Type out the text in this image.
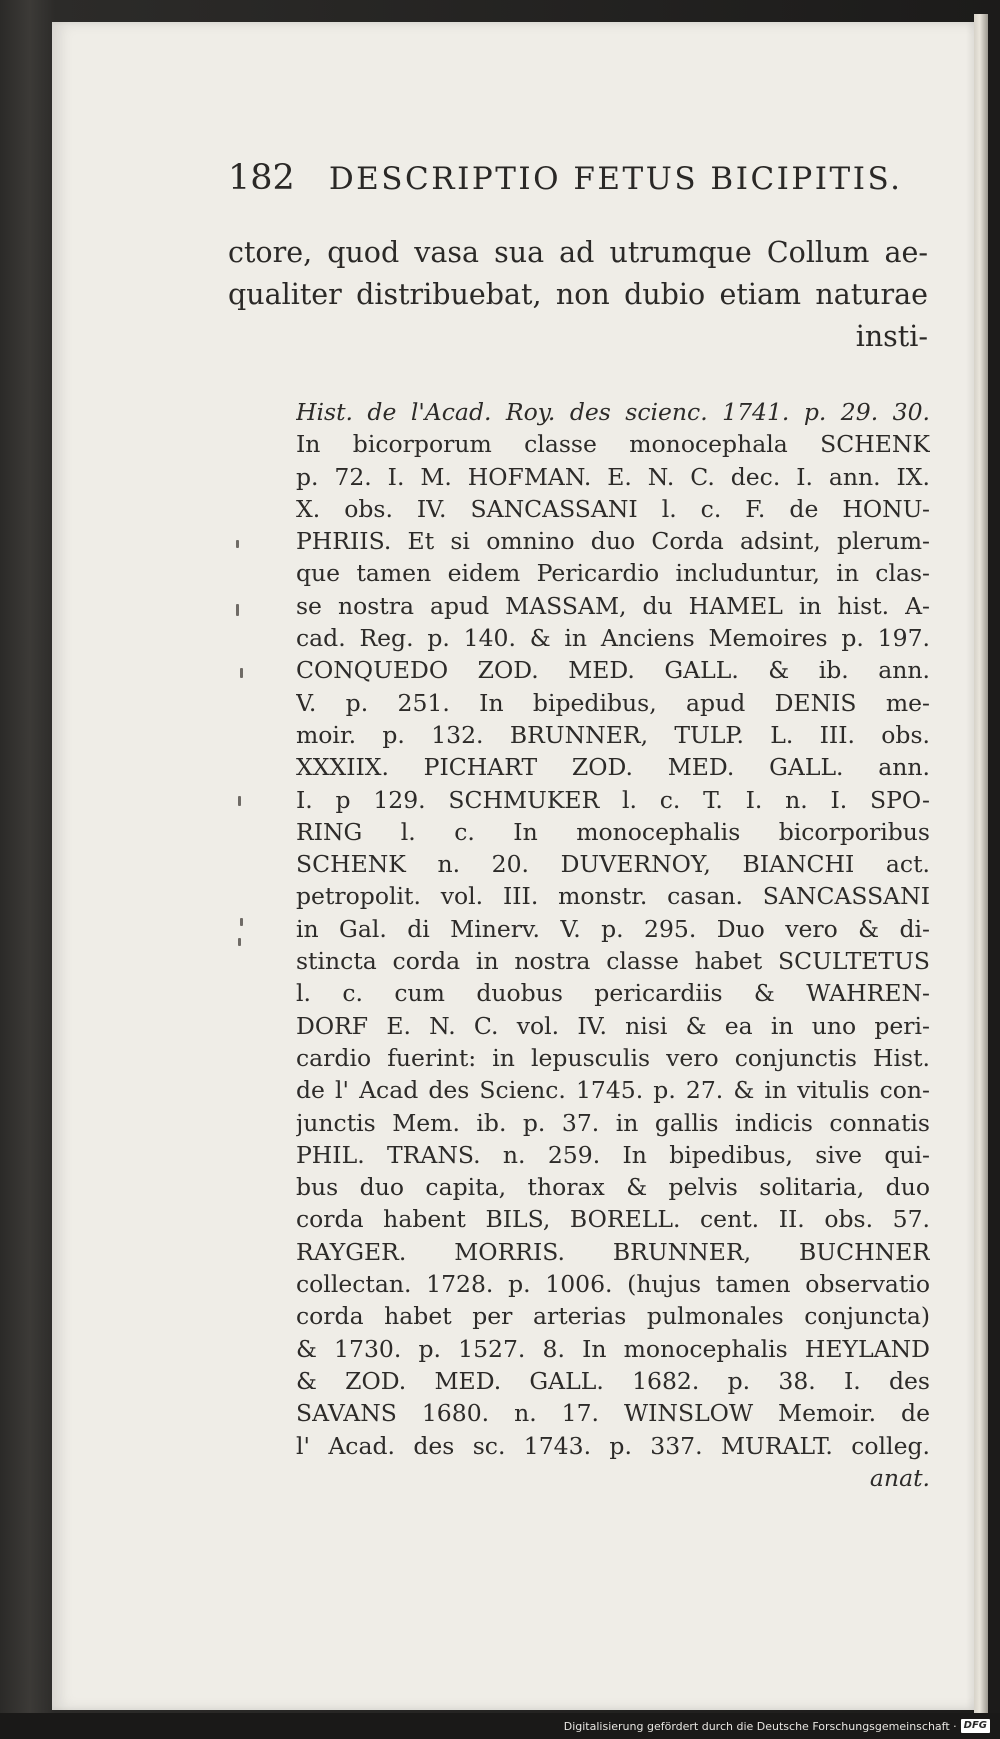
182 DESCRIPTIO FETUS BICIPITIS.
ctore, quod vasa sua ad utrumque Collum ae-
qualiter distribuebat, non dubio etiam naturae
insti-
Hist. de l'Acad. Roy. des scienc. 1741. p. 29. 30.
In bicorporum classe monocephala SCHENK
p. 72. I. M. HOFMAN. E. N. C. dec. I. ann. IX.
X. obs. IV. SANCASSANI l. c. F. de HONU-
PHRIIS. Et si omnino duo Corda adsint, plerum-
que tamen eidem Pericardio includuntur, in clas-
se nostra apud MASSAM, du HAMEL in hist. A-
cad. Reg. p. 140. & in Anciens Memoires p. 197.
CONQUEDO ZOD. MED. GALL. & ib. ann.
V. p. 251. In bipedibus, apud DENIS me-
moir. p. 132. BRUNNER, TULP. L. III. obs.
XXXIIX. PICHART ZOD. MED. GALL. ann.
I. p 129. SCHMUKER l. c. T. I. n. I. SPO-
RING l. c. In monocephalis bicorporibus
SCHENK n. 20. DUVERNOY, BIANCHI act.
petropolit. vol. III. monstr. casan. SANCASSANI
in Gal. di Minerv. V. p. 295. Duo vero & di-
stincta corda in nostra classe habet SCULTETUS
l. c. cum duobus pericardiis & WAHREN-
DORF E. N. C. vol. IV. nisi & ea in uno peri-
cardio fuerint: in lepusculis vero conjunctis Hist.
de l' Acad des Scienc. 1745. p. 27. & in vitulis con-
junctis Mem. ib. p. 37. in gallis indicis connatis
PHIL. TRANS. n. 259. In bipedibus, sive qui-
bus duo capita, thorax & pelvis solitaria, duo
corda habent BILS, BORELL. cent. II. obs. 57.
RAYGER. MORRIS. BRUNNER, BUCHNER
collectan. 1728. p. 1006. (hujus tamen observatio
corda habet per arterias pulmonales conjuncta)
& 1730. p. 1527. 8. In monocephalis HEYLAND
& ZOD. MED. GALL. 1682. p. 38. I. des
SAVANS 1680. n. 17. WINSLOW Memoir. de
l' Acad. des sc. 1743. p. 337. MURALT. colleg.
anat.
Digitalisierung gefördert durch die Deutsche Forschungsgemeinschaft · DFG
